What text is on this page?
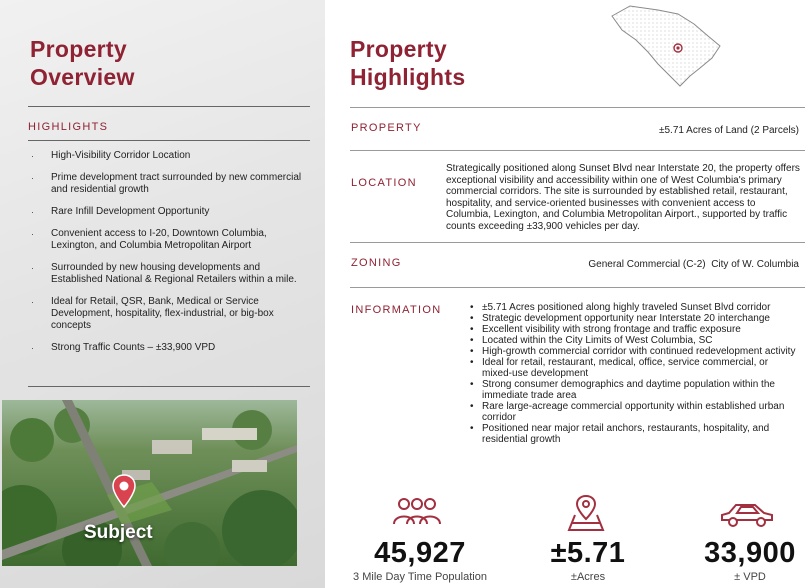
Property
Overview
HIGHLIGHTS
· High-Visibility Corridor Location
· Prime development tract surrounded by new commercial and residential growth
· Rare Infill Development Opportunity
· Convenient access to I-20, Downtown Columbia, Lexington, and Columbia Metropolitan Airport
· Surrounded by new housing developments and Established National & Regional Retailers within a mile.
· Ideal for Retail, QSR, Bank, Medical or Service Development, hospitality, flex-industrial, or big-box concepts
· Strong Traffic Counts – ±33,900 VPD
Subject
Property
Highlights
PROPERTY	±5.71 Acres of Land (2 Parcels)
LOCATION
Strategically positioned along Sunset Blvd near Interstate 20, the property offers exceptional visibility and accessibility within one of West Columbia's primary commercial corridors. The site is surrounded by established retail, restaurant, hospitality, and service-oriented businesses with convenient access to Columbia, Lexington, and Columbia Metropolitan Airport., supported by traffic counts exceeding ±33,900 vehicles per day.
ZONING	General Commercial (C-2)  City of W. Columbia
INFORMATION
•	±5.71 Acres positioned along highly traveled Sunset Blvd corridor
• Strategic development opportunity near Interstate 20 interchange
• Excellent visibility with strong frontage and traffic exposure
• Located within the City Limits of West Columbia, SC
• High-growth commercial corridor with continued redevelopment activity
• Ideal for retail, restaurant, medical, office, service commercial, or mixed-use development
• Strong consumer demographics and daytime population within the immediate trade area
• Rare large-acreage commercial opportunity within established urban corridor
• Positioned near major retail anchors, restaurants, hospitality, and residential growth
45,927
3 Mile Day Time Population
±5.71
±Acres
33,900
± VPD
